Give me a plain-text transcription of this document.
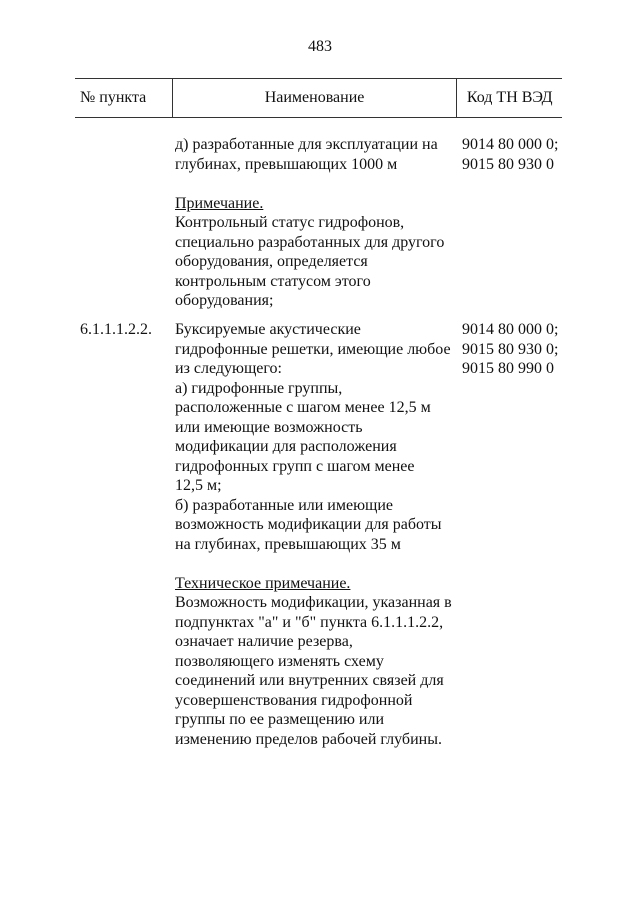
483
№ пункта	Наименование	Код ТН ВЭД
д) разработанные для эксплуатации на
глубинах, превышающих 1000 м
Примечание.
Контрольный статус гидрофонов,
специально разработанных для другого
оборудования, определяется
контрольным статусом этого
оборудования;
9014 80 000 0;
9015 80 930 0
6.1.1.1.2.2. Буксируемые акустические
гидрофонные решетки, имеющие любое
из следующего:
а) гидрофонные группы,
расположенные с шагом менее 12,5 м
или имеющие возможность
модификации для расположения
гидрофонных групп с шагом менее
12,5 м;
б) разработанные или имеющие
возможность модификации для работы
на глубинах, превышающих 35 м
Техническое примечание.
Возможность модификации, указанная в
подпунктах "а" и "б" пункта 6.1.1.1.2.2,
означает наличие резерва,
позволяющего изменять схему
соединений или внутренних связей для
усовершенствования гидрофонной
группы по ее размещению или
изменению пределов рабочей глубины.
9014 80 000 0;
9015 80 930 0;
9015 80 990 0
